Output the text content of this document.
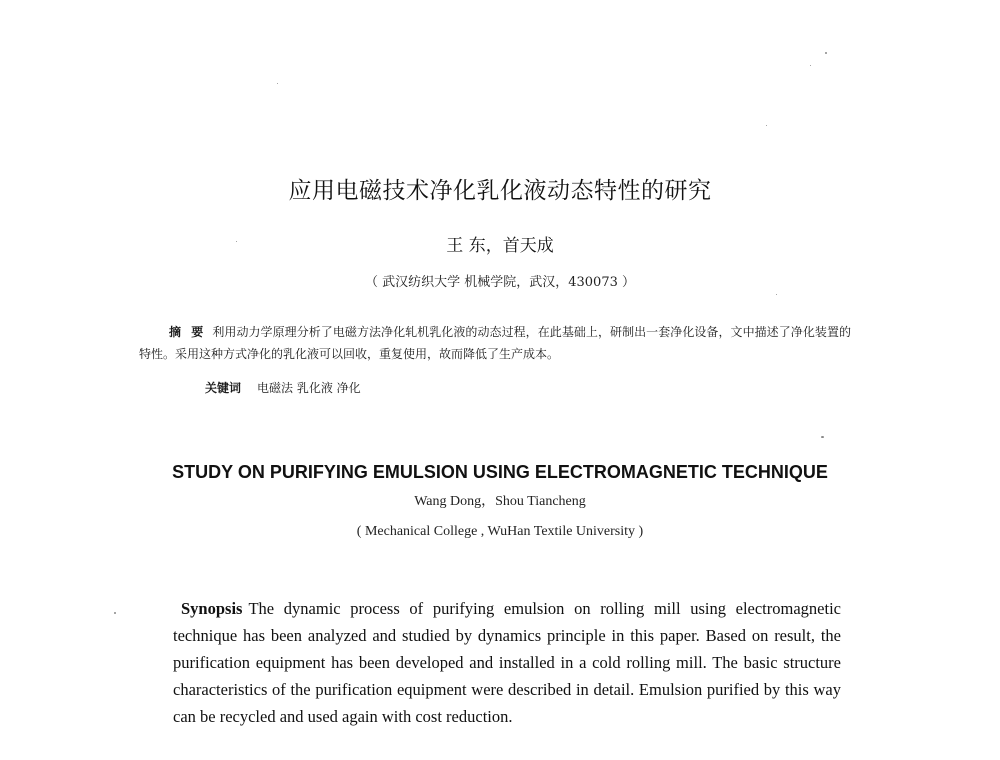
应用电磁技术净化乳化液动态特性的研究
王 东，首天成
（ 武汉纺织大学 机械学院，武汉，430073 ）
摘 要 利用动力学原理分析了电磁方法净化轧机乳化液的动态过程，在此基础上，研制出一套净化设备，文中描述了净化装置的特性。采用这种方式净化的乳化液可以回收，重复使用，故而降低了生产成本。
关键词 电磁法 乳化液 净化
STUDY ON PURIFYING EMULSION USING ELECTROMAGNETIC TECHNIQUE
Wang Dong，Shou Tiancheng
( Mechanical College , WuHan Textile University )
Synopsis The dynamic process of purifying emulsion on rolling mill using electromagnetic technique has been analyzed and studied by dynamics principle in this paper. Based on result, the purification equipment has been developed and installed in a cold rolling mill. The basic structure characteristics of the purification equipment were described in detail. Emulsion purified by this way can be recycled and used again with cost reduction.
